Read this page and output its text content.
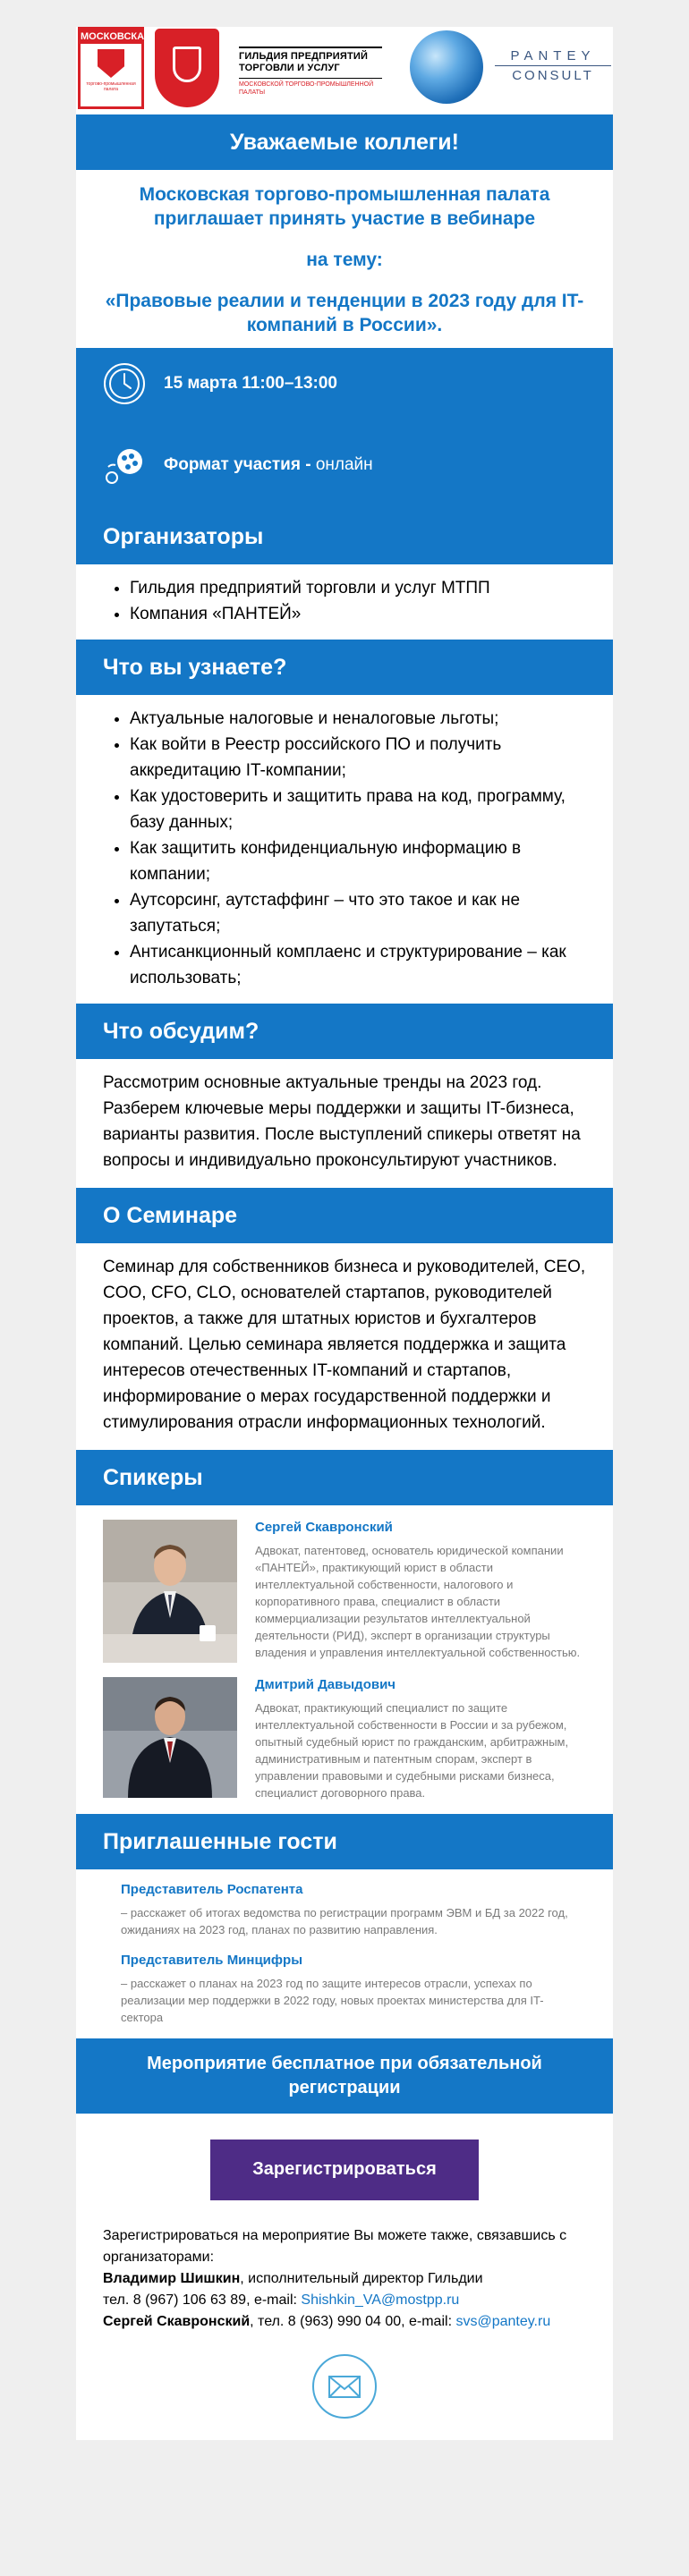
МОСКОВСКАЯ
торгово-промышленная палата
ГИЛЬДИЯ ПРЕДПРИЯТИЙ ТОРГОВЛИ И УСЛУГ
МОСКОВСКОЙ ТОРГОВО-ПРОМЫШЛЕННОЙ ПАЛАТЫ
PANTEY
CONSULT
Уважаемые коллеги!

Московская торгово-промышленная палата приглашает принять участие в вебинаре

на тему:

«Правовые реалии и тенденции в 2023 году для IT-компаний в России».

15 марта 11:00–13:00
Формат участия - онлайн
Организаторы
• Гильдия предприятий торговли и услуг МТПП
• Компания «ПАНТЕЙ»
Что вы узнаете?
• Актуальные налоговые и неналоговые льготы;
• Как войти в Реестр российского ПО и получить аккредитацию IT-компании;
• Как удостоверить и защитить права на код, программу, базу данных;
• Как защитить конфиденциальную информацию в компании;
• Аутсорсинг, аутстаффинг – что это такое и как не запутаться;
• Антисанкционный комплаенс и структурирование – как использовать;
Что обсудим?
Рассмотрим основные актуальные тренды на 2023 год. Разберем ключевые меры поддержки и защиты IT-бизнеса, варианты развития. После выступлений спикеры ответят на вопросы и индивидуально проконсультируют участников.
О Семинаре
Семинар для собственников бизнеса и руководителей, CEO, COO, CFO, CLO, основателей стартапов, руководителей проектов, а также для штатных юристов и бухгалтеров компаний. Целью семинара является поддержка и защита интересов отечественных IT-компаний и стартапов, информирование о мерах государственной поддержки и стимулирования отрасли информационных технологий.
Спикеры
Сергей Скавронский
Адвокат, патентовед, основатель юридической компании «ПАНТЕЙ», практикующий юрист в области интеллектуальной собственности, налогового и корпоративного права, специалист в области коммерциализации результатов интеллектуальной деятельности (РИД), эксперт в организации структуры владения и управления интеллектуальной собственностью.
Дмитрий Давыдович
Адвокат, практикующий специалист по защите интеллектуальной собственности в России и за рубежом, опытный судебный юрист по гражданским, арбитражным, административным и патентным спорам, эксперт в управлении правовыми и судебными рисками бизнеса, специалист договорного права.
Приглашенные гости
Представитель Роспатента
– расскажет об итогах ведомства по регистрации программ ЭВМ и БД за 2022 год, ожиданиях на 2023 год, планах по развитию направления.
Представитель Минцифры
– расскажет о планах на 2023 год по защите интересов отрасли, успехах по реализации мер поддержки в 2022 году, новых проектах министерства для IT-сектора
Мероприятие бесплатное при обязательной регистрации
Зарегистрироваться
Зарегистрироваться на мероприятие Вы можете также, связавшись с организаторами:
Владимир Шишкин, исполнительный директор Гильдии
тел. 8 (967) 106 63 89, e-mail: Shishkin_VA@mostpp.ru
Сергей Скавронский, тел. 8 (963) 990 04 00, e-mail: svs@pantey.ru
